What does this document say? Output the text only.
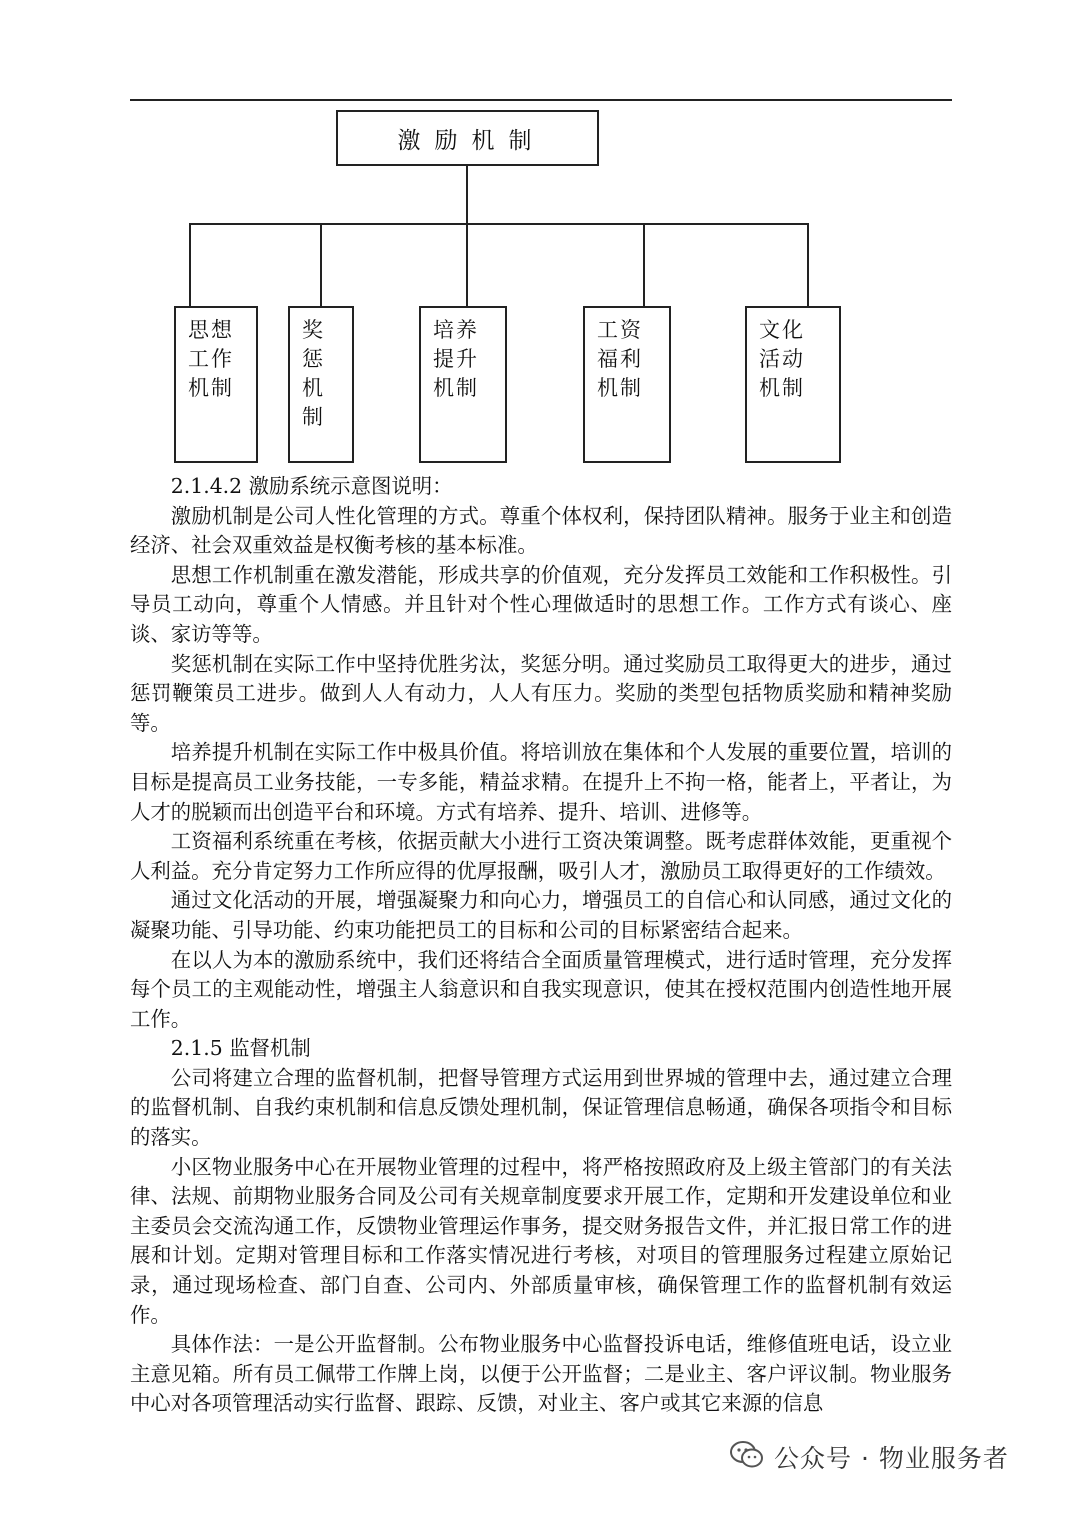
激励机制
思想
工作
机制
奖
惩
机
制
培养
提升
机制
工资
福利
机制
文化
活动
机制

2.1.4.2 激励系统示意图说明：

激励机制是公司人性化管理的方式。尊重个体权利，保持团队精神。服务于业主和创造经济、社会双重效益是权衡考核的基本标准。

思想工作机制重在激发潜能，形成共享的价值观，充分发挥员工效能和工作积极性。引导员工动向，尊重个人情感。并且针对个性心理做适时的思想工作。工作方式有谈心、座谈、家访等等。

奖惩机制在实际工作中坚持优胜劣汰，奖惩分明。通过奖励员工取得更大的进步，通过惩罚鞭策员工进步。做到人人有动力，人人有压力。奖励的类型包括物质奖励和精神奖励等。

培养提升机制在实际工作中极具价值。将培训放在集体和个人发展的重要位置，培训的目标是提高员工业务技能，一专多能，精益求精。在提升上不拘一格，能者上，平者让，为人才的脱颖而出创造平台和环境。方式有培养、提升、培训、进修等。

工资福利系统重在考核，依据贡献大小进行工资决策调整。既考虑群体效能，更重视个人利益。充分肯定努力工作所应得的优厚报酬，吸引人才，激励员工取得更好的工作绩效。

通过文化活动的开展，增强凝聚力和向心力，增强员工的自信心和认同感，通过文化的凝聚功能、引导功能、约束功能把员工的目标和公司的目标紧密结合起来。

在以人为本的激励系统中，我们还将结合全面质量管理模式，进行适时管理，充分发挥每个员工的主观能动性，增强主人翁意识和自我实现意识，使其在授权范围内创造性地开展工作。

2.1.5 监督机制

公司将建立合理的监督机制，把督导管理方式运用到世界城的管理中去，通过建立合理的监督机制、自我约束机制和信息反馈处理机制，保证管理信息畅通，确保各项指令和目标的落实。

小区物业服务中心在开展物业管理的过程中，将严格按照政府及上级主管部门的有关法律、法规、前期物业服务合同及公司有关规章制度要求开展工作，定期和开发建设单位和业主委员会交流沟通工作，反馈物业管理运作事务，提交财务报告文件，并汇报日常工作的进展和计划。定期对管理目标和工作落实情况进行考核，对项目的管理服务过程建立原始记录，通过现场检查、部门自查、公司内、外部质量审核，确保管理工作的监督机制有效运作。

具体作法：一是公开监督制。公布物业服务中心监督投诉电话，维修值班电话，设立业主意见箱。所有员工佩带工作牌上岗，以便于公开监督；二是业主、客户评议制。物业服务中心对各项管理活动实行监督、跟踪、反馈，对业主、客户或其它来源的信息

公众号 · 物业服务者
